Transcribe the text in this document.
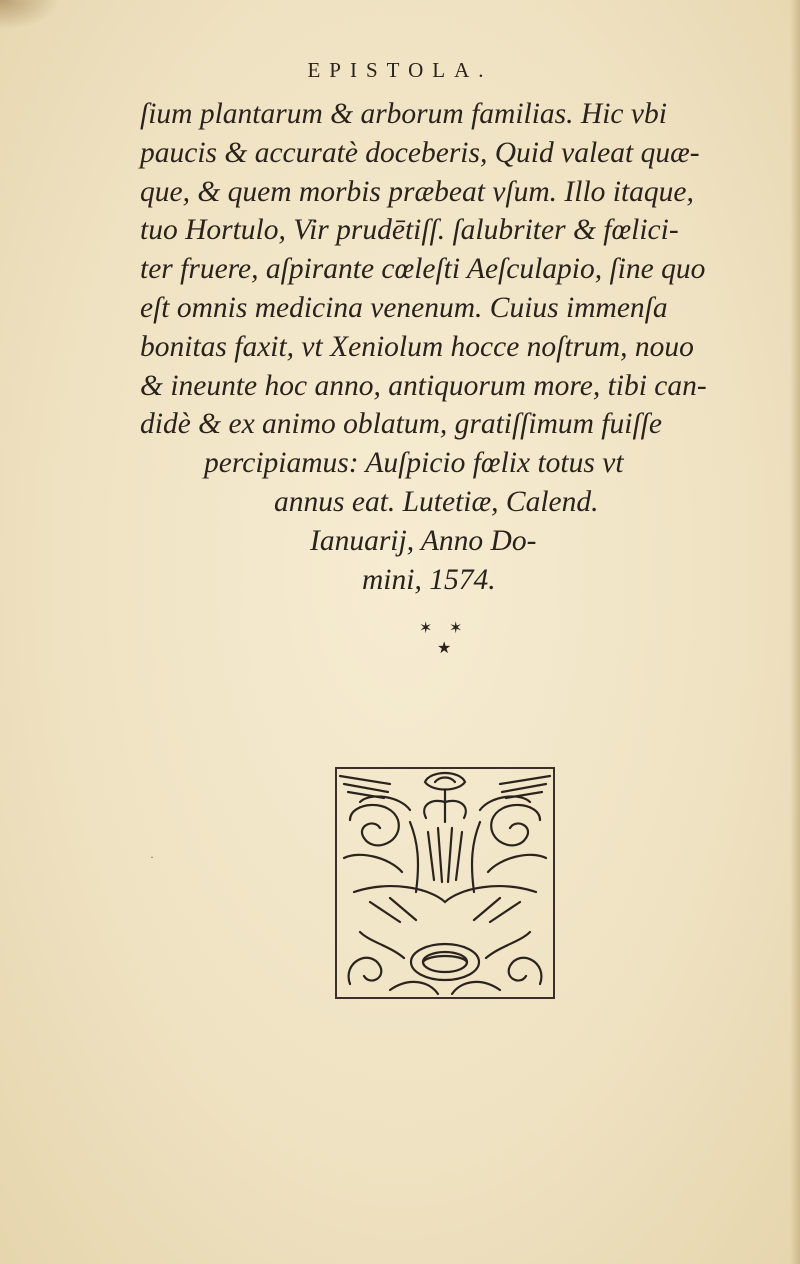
EPISTOLA.
ſium plantarum & arborum familias. Hic vbi
paucis & accuratè doceberis, Quid valeat quæ-
que, & quem morbis præbeat vſum. Illo itaque,
tuo Hortulo, Vir prudētiſſ. ſalubriter & fœlici-
ter fruere, aſpirante cœleſti Aeſculapio, ſine quo
eſt omnis medicina venenum. Cuius immenſa
bonitas faxit, vt Xeniolum hocce noſtrum, nouo
& ineunte hoc anno, antiquorum more, tibi can-
didè & ex animo oblatum, gratiſſimum fuiſſe
percipiamus: Auſpicio fœlix totus vt
annus eat. Lutetiæ, Calend.
Ianuarij, Anno Do-
mini, 1574.
✶ ✶
★
·
